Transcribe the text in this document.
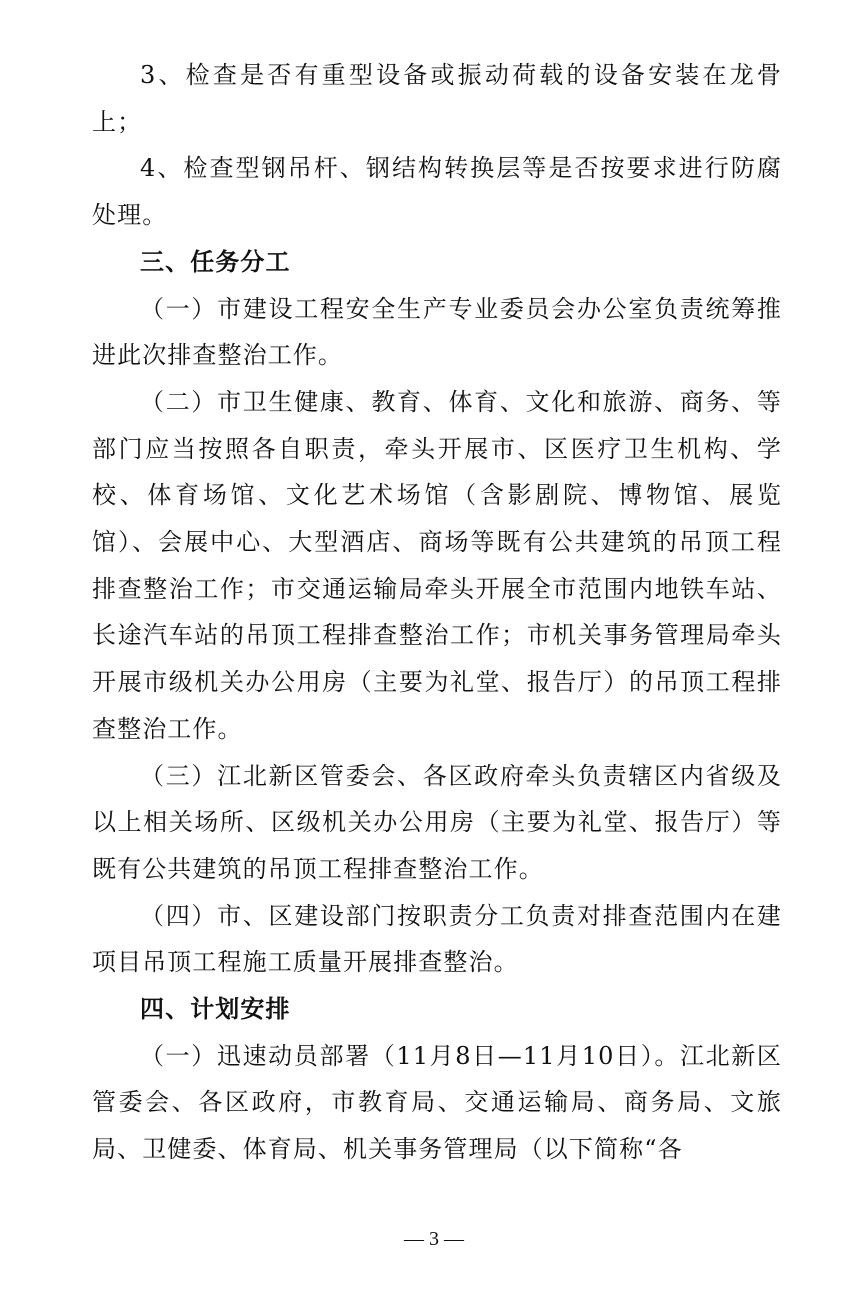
3、检查是否有重型设备或振动荷载的设备安装在龙骨上；

4、检查型钢吊杆、钢结构转换层等是否按要求进行防腐处理。

三、任务分工

（一）市建设工程安全生产专业委员会办公室负责统筹推进此次排查整治工作。

（二）市卫生健康、教育、体育、文化和旅游、商务、等部门应当按照各自职责，牵头开展市、区医疗卫生机构、学校、体育场馆、文化艺术场馆（含影剧院、博物馆、展览馆）、会展中心、大型酒店、商场等既有公共建筑的吊顶工程排查整治工作；市交通运输局牵头开展全市范围内地铁车站、长途汽车站的吊顶工程排查整治工作；市机关事务管理局牵头开展市级机关办公用房（主要为礼堂、报告厅）的吊顶工程排查整治工作。

（三）江北新区管委会、各区政府牵头负责辖区内省级及以上相关场所、区级机关办公用房（主要为礼堂、报告厅）等既有公共建筑的吊顶工程排查整治工作。

（四）市、区建设部门按职责分工负责对排查范围内在建项目吊顶工程施工质量开展排查整治。

四、计划安排

（一）迅速动员部署（11月8日—11月10日）。江北新区管委会、各区政府，市教育局、交通运输局、商务局、文旅局、卫健委、体育局、机关事务管理局（以下简称“各

— 3 —
